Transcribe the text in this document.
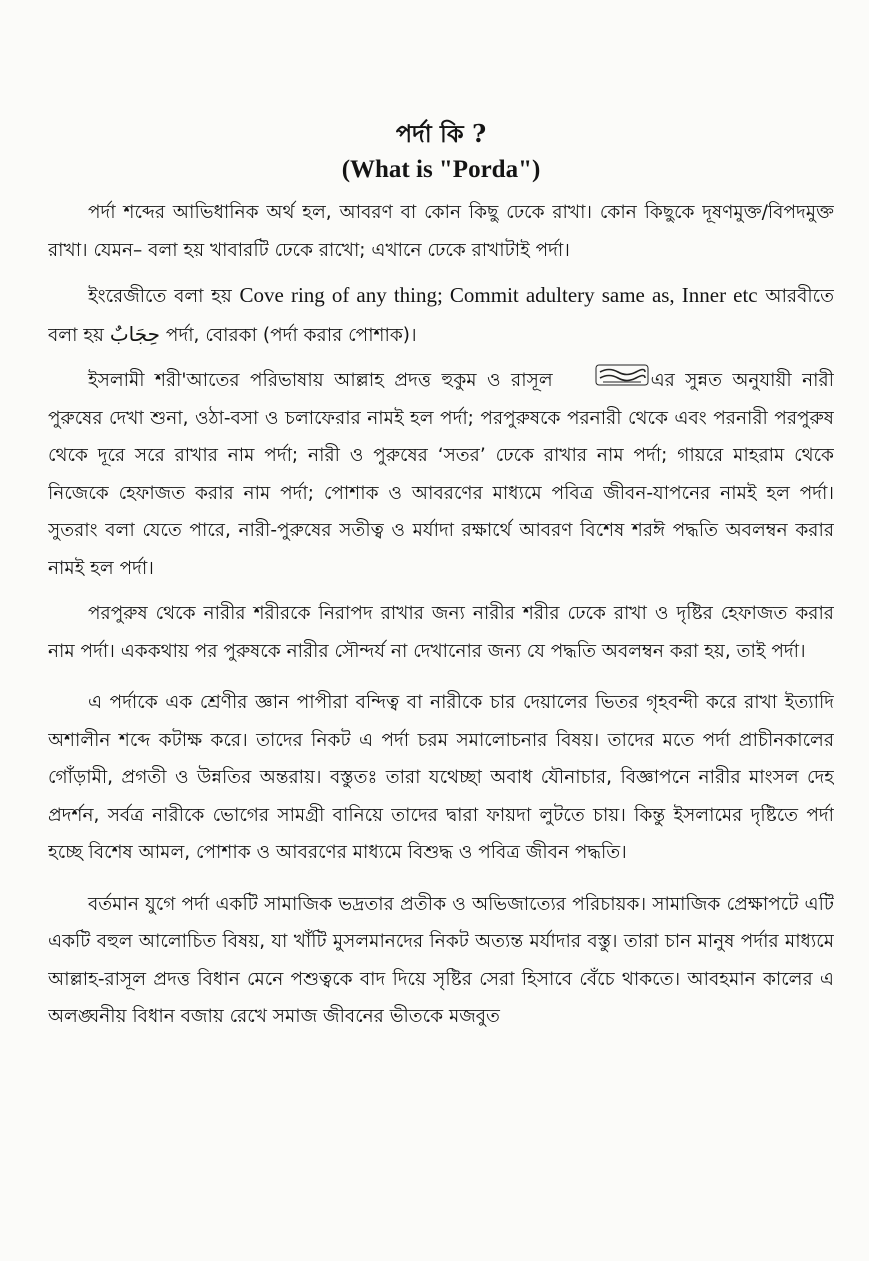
পর্দা কি ?
(What is "Porda")

পর্দা শব্দের আভিধানিক অর্থ হল, আবরণ বা কোন কিছু ঢেকে রাখা। কোন কিছুকে দূষণমুক্ত/বিপদমুক্ত রাখা। যেমন– বলা হয় খাবারটি ঢেকে রাখো; এখানে ঢেকে রাখাটাই পর্দা।

ইংরেজীতে বলা হয় Cove ring of any thing; Commit adultery same as, Inner etc আরবীতে বলা হয় حِجَابٌ পর্দা, বোরকা (পর্দা করার পোশাক)।

ইসলামী শরী'আতের পরিভাষায় আল্লাহ প্রদত্ত হুকুম ও রাসূল	এর সুন্নত অনুযায়ী নারী পুরুষের দেখা শুনা, ওঠা-বসা ও চলাফেরার নামই হল পর্দা; পরপুরুষকে পরনারী থেকে এবং পরনারী পরপুরুষ থেকে দূরে সরে রাখার নাম পর্দা; নারী ও পুরুষের ‘সতর’ ঢেকে রাখার নাম পর্দা; গায়রে মাহরাম থেকে নিজেকে হেফাজত করার নাম পর্দা; পোশাক ও আবরণের মাধ্যমে পবিত্র জীবন-যাপনের নামই হল পর্দা। সুতরাং বলা যেতে পারে, নারী-পুরুষের সতীত্ব ও মর্যাদা রক্ষার্থে আবরণ বিশেষ শরঈ পদ্ধতি অবলম্বন করার নামই হল পর্দা।

পরপুরুষ থেকে নারীর শরীরকে নিরাপদ রাখার জন্য নারীর শরীর ঢেকে রাখা ও দৃষ্টির হেফাজত করার নাম পর্দা। এককথায় পর পুরুষকে নারীর সৌন্দর্য না দেখানোর জন্য যে পদ্ধতি অবলম্বন করা হয়, তাই পর্দা।

এ পর্দাকে এক শ্রেণীর জ্ঞান পাপীরা বন্দিত্ব বা নারীকে চার দেয়ালের ভিতর গৃহবন্দী করে রাখা ইত্যাদি অশালীন শব্দে কটাক্ষ করে। তাদের নিকট এ পর্দা চরম সমালোচনার বিষয়। তাদের মতে পর্দা প্রাচীনকালের গোঁড়ামী, প্রগতী ও উন্নতির অন্তরায়। বস্তুতঃ তারা যথেচ্ছা অবাধ যৌনাচার, বিজ্ঞাপনে নারীর মাংসল দেহ প্রদর্শন, সর্বত্র নারীকে ভোগের সামগ্রী বানিয়ে তাদের দ্বারা ফায়দা লুটতে চায়। কিন্তু ইসলামের দৃষ্টিতে পর্দা হচ্ছে বিশেষ আমল, পোশাক ও আবরণের মাধ্যমে বিশুদ্ধ ও পবিত্র জীবন পদ্ধতি।

বর্তমান যুগে পর্দা একটি সামাজিক ভদ্রতার প্রতীক ও অভিজাত্যের পরিচায়ক। সামাজিক প্রেক্ষাপটে এটি একটি বহুল আলোচিত বিষয়, যা খাঁটি মুসলমানদের নিকট অত্যন্ত মর্যাদার বস্তু। তারা চান মানুষ পর্দার মাধ্যমে আল্লাহ-রাসূল প্রদত্ত বিধান মেনে পশুত্বকে বাদ দিয়ে সৃষ্টির সেরা হিসাবে বেঁচে থাকতে। আবহমান কালের এ অলঙ্ঘনীয় বিধান বজায় রেখে সমাজ জীবনের ভীতকে মজবুত
